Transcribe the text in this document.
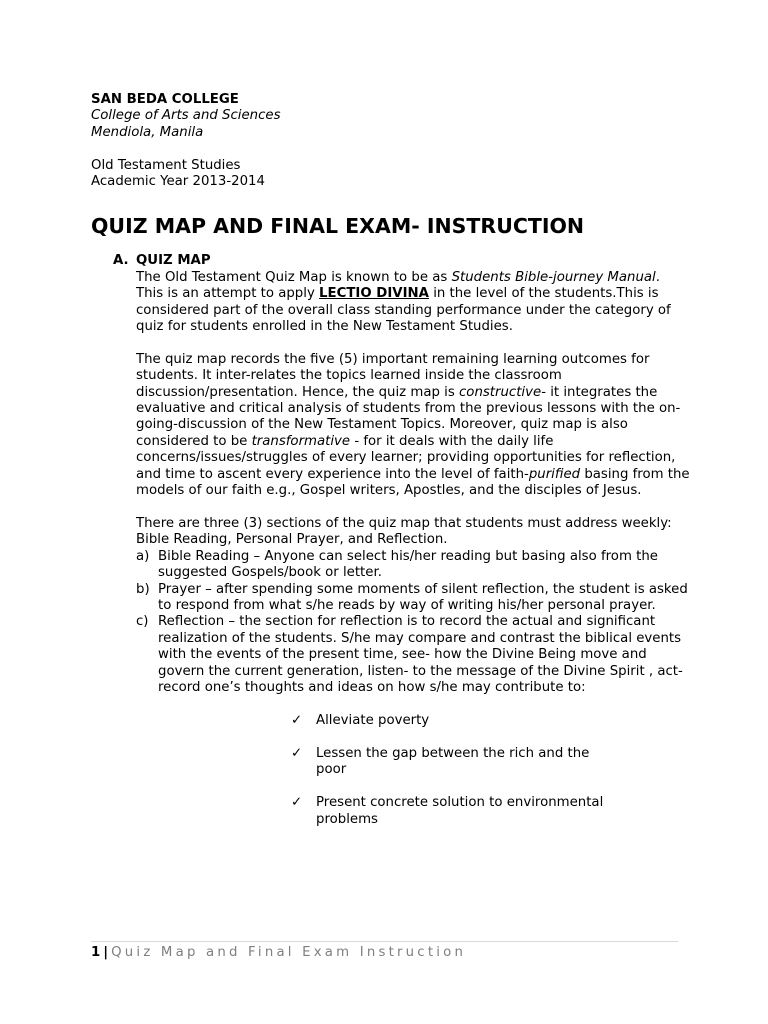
SAN BEDA COLLEGE
College of Arts and Sciences
Mendiola, Manila
Old Testament Studies
Academic Year 2013-2014
QUIZ MAP AND FINAL EXAM- INSTRUCTION
A. QUIZ MAP

The Old Testament Quiz Map is known to be as Students Bible-journey Manual. This is an attempt to apply LECTIO DIVINA in the level of the students.This is considered part of the overall class standing performance under the category of quiz for students enrolled in the New Testament Studies.

The quiz map records the five (5) important remaining learning outcomes for students. It inter-relates the topics learned inside the classroom discussion/presentation. Hence, the quiz map is constructive- it integrates the evaluative and critical analysis of students from the previous lessons with the on-going-discussion of the New Testament Topics. Moreover, quiz map is also considered to be transformative - for it deals with the daily life concerns/issues/struggles of every learner; providing opportunities for reflection, and time to ascent every experience into the level of faith-purified basing from the models of our faith e.g., Gospel writers, Apostles, and the disciples of Jesus.

There are three (3) sections of the quiz map that students must address weekly: Bible Reading, Personal Prayer, and Reflection.

a) Bible Reading – Anyone can select his/her reading but basing also from the suggested Gospels/book or letter.
b) Prayer – after spending some moments of silent reflection, the student is asked to respond from what s/he reads by way of writing his/her personal prayer.
c) Reflection – the section for reflection is to record the actual and significant realization of the students. S/he may compare and contrast the biblical events with the events of the present time, see- how the Divine Being move and govern the current generation, listen- to the message of the Divine Spirit , act- record one’s thoughts and ideas on how s/he may contribute to:
✓ Alleviate poverty
✓ Lessen the gap between the rich and the poor
✓ Present concrete solution to environmental problems
1 | Quiz Map and Final Exam Instruction
